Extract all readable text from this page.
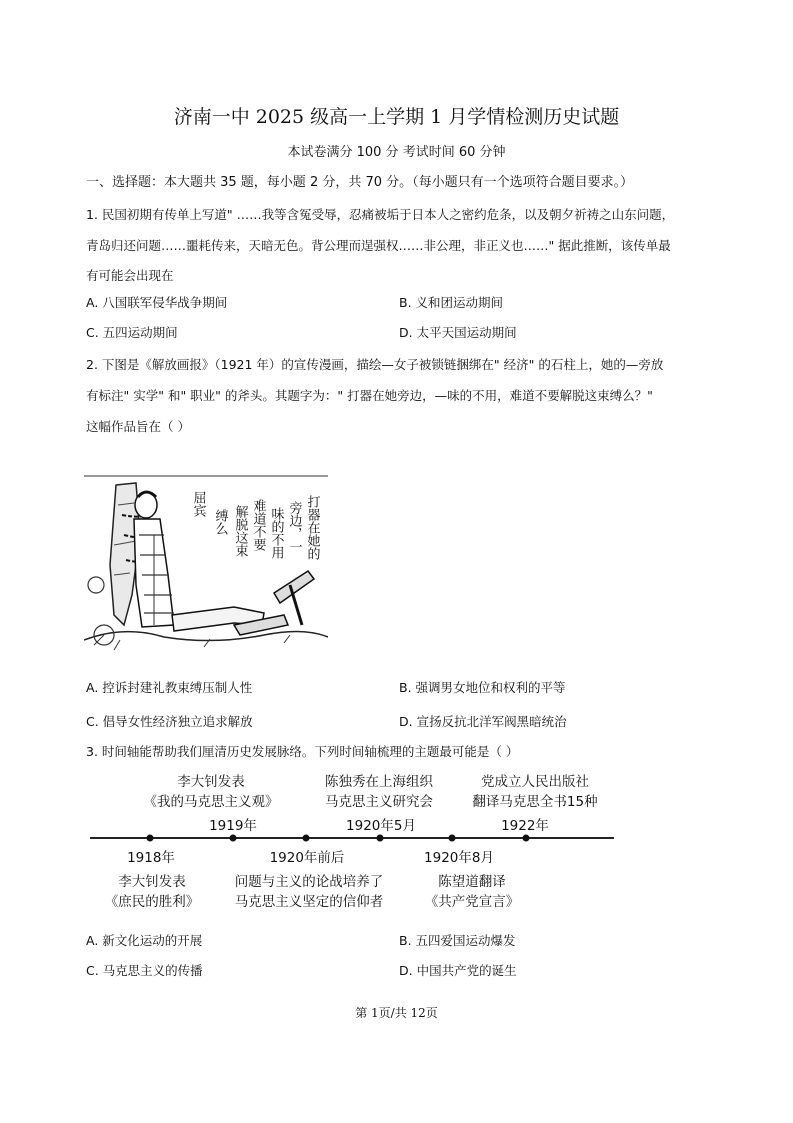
济南一中 2025 级高一上学期 1 月学情检测历史试题
本试卷满分 100 分 考试时间 60 分钟
一、选择题：本大题共 35 题，每小题 2 分，共 70 分。（每小题只有一个选项符合题目要求。）
1. 民国初期有传单上写道" ……我等含冤受辱，忍痛被垢于日本人之密约危条，以及朝夕祈祷之山东问题，
青岛归还问题……噩耗传来，天暗无色。背公理而逞强权……非公理，非正义也……" 据此推断，该传单最
有可能会出现在
A. 八国联军侵华战争期间	B. 义和团运动期间
C. 五四运动期间	D. 太平天国运动期间
2. 下图是《解放画报》（1921 年）的宣传漫画，描绘—女子被锁链捆绑在" 经济" 的石柱上，她的—旁放
有标注" 实学" 和" 职业" 的斧头。其题字为：" 打器在她旁边，—味的不用，难道不要解脱这束缚么？"
这幅作品旨在（ ）
打器在她的
旁边，一
味的不用
难道不要
解脱这束
缚么
屈宾
A. 控诉封建礼教束缚压制人性	B. 强调男女地位和权利的平等
C. 倡导女性经济独立追求解放	D. 宣扬反抗北洋军阀黑暗统治
3. 时间轴能帮助我们厘清历史发展脉络。下列时间轴梳理的主题最可能是（ ）
李大钊发表
《我的马克思主义观》
陈独秀在上海组织
马克思主义研究会
党成立人民出版社
翻译马克思全书15种
1919年	1920年5月	1922年
1918年	1920年前后	1920年8月
李大钊发表
《庶民的胜利》
问题与主义的论战培养了
马克思主义坚定的信仰者
陈望道翻译
《共产党宣言》
A. 新文化运动的开展	B. 五四爱国运动爆发
C. 马克思主义的传播	D. 中国共产党的诞生
第 1页/共 12页
